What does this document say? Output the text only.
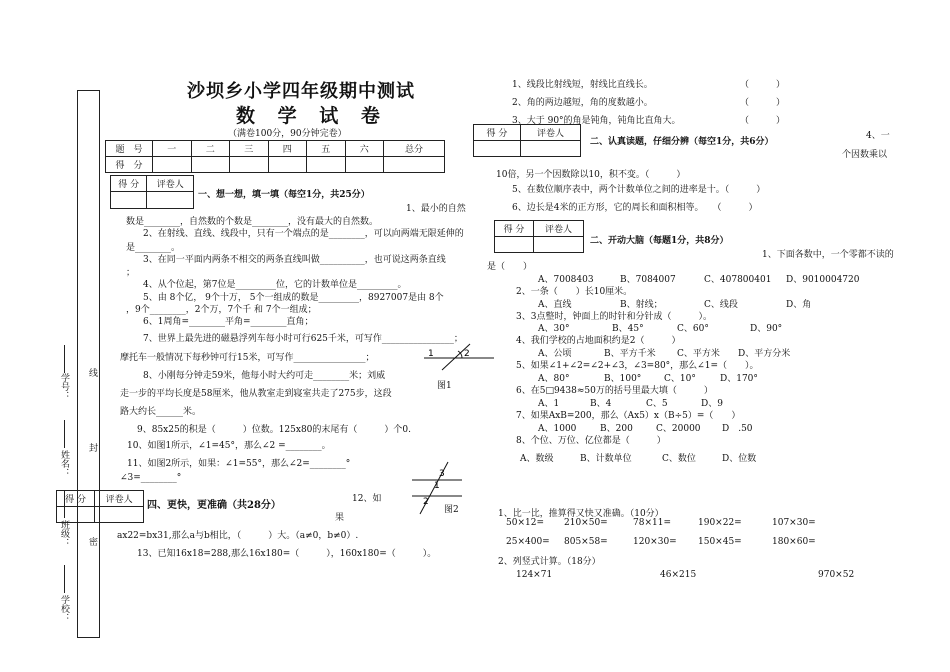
学号：
姓名：
班级：
学校：
线
封
密
沙坝乡小学四年级期中测试
数 学 试 卷
（满卷100分，90分钟完卷）
题　号	一	二	三	四	五	六	总分
得　分							
得 分	评卷人

一、想一想，填一填（每空1分，共25分）
1、最小的自然
数是________，自然数的个数是________，没有最大的自然数。
2、在射线、直线、线段中，只有一个端点的是________，可以向两端无限延伸的
是________。
3、在同一平面内两条不相交的两条直线叫做__________，也可说这两条直线
；
4、从个位起，第7位是_________位，它的计数单位是_________。
5、由 8个亿， 9个十万， 5个一组成的数是_________，8927007是由 8个
，9个________，2个万，7个千 和 7个一组成；
6、1周角=________平角=________直角；
7、世界上最先进的磁悬浮列车每小时可行625千米，可写作________________；
摩托车一般情况下每秒钟可行15米，可写作________________；
8、小刚每分钟走59米，他每小时大约可走________米；刘威
走一步的平均长度是58厘米，他从教室走到寝室共走了275步，这段
路大约长______米。
9、85x25的积是（　　　）位数。125x80的末尾有（　　　）个0.
10、如图1所示，∠1=45°，那么∠2 =________。
11、如图2所示，如果：∠1=55°，那么∠2=________°
∠3=________°
1	2
图1
3
1
2
图2
得 分	评卷人
	四、更快，更准确（共28分）
12、如
果
ax22=bx31,那么a与b相比，（　　　）大。（a≠0，b≠0）.
13、已知16x18=288,那么16x180=（　　　），160x180=（　　　）。
1、线段比射线短，射线比直线长。	（　　　）
2、角的两边越短，角的度数越小。	（　　　）
3、大于 90°的角是钝角，钝角比直角大。	（　　　）
得 分	评卷人

二、认真读题，仔细分辨（每空1分，共6分）
4、一
个因数乘以
10倍，另一个因数除以10，积不变。（　　　）
5、在数位顺序表中，两个计数单位之间的进率是十。（　　　）
6、边长是4米的正方形，它的周长和面积相等。　　（　　　）
得 分	评卷人

二、开动大脑（每题1分，共8分）
1、下面各数中，一个零都不读的
是（　　）
A、7008403	B、7084007	C、407800401 D、9010004720
2、一条（　　）长10厘米。
A、直线	B、射线；	C、线段	D、角
3、3点整时，钟面上的时针和分针成（　　　）。
A、30°	B、45°	C、60°	D、90°
4、我们学校的占地面积约是2（　　　）
A、公顷	B、平方千米 C、平方米 D、平方分米
5、如果∠1+∠2=∠2+∠3，∠3=80°，那么∠1=（　　）。
A、80°	B、100°	C、10°	D、170°
6、在5□9438≈50万的括号里最大填（　　　）
A、1	B、4	C、5	D、9
7、如果AxB=200，那么（Ax5）x（B÷5）=（　　）
A、1000	B、200	C、20000 D　.50
8、个位、万位、亿位都是（　　　）
A、数级	B、计数单位	C、数位	D、位数
1、比一比，推算得又快又准确。（10分）
50×12= 210×50=	78×11=	190×22=	107×30=
25×400= 805×58=	120×30= 150×45=	180×60=
2、列竖式计算。（18分）
124×71	46×215	970×52
